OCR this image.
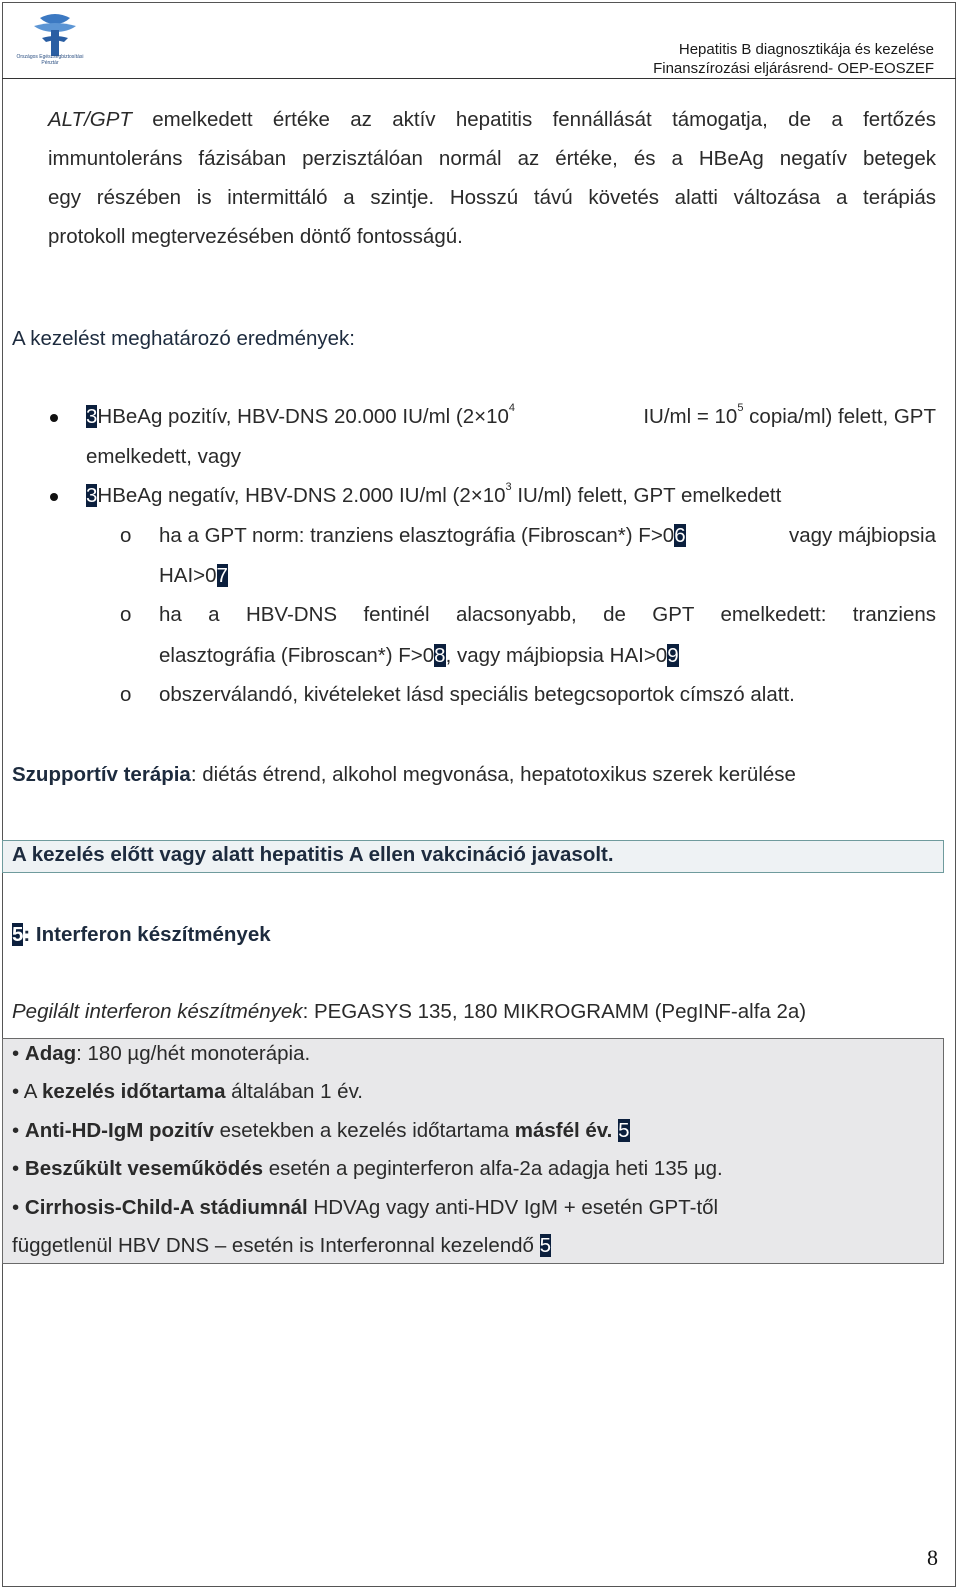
Országos Egészségbiztosítási Pénztár
Hepatitis B diagnosztikája és kezelése
Finanszírozási eljárásrend- OEP-EOSZEF
ALT/GPT emelkedett értéke az aktív hepatitis fennállását támogatja, de a fertőzés
immuntoleráns fázisában perzisztálóan normál az értéke, és a HBeAg negatív betegek
egy részében is intermittáló a szintje. Hosszú távú követés alatti változása a terápiás
protokoll megtervezésében döntő fontosságú.
A kezelést meghatározó eredmények:
3HBeAg pozitív, HBV-DNS 20.000 IU/ml ($2\times 10^4$	$IU/ml = 10^5$ copia/ml) felett, GPT
emelkedett, vagy
3HBeAg negatív, HBV-DNS 2.000 IU/ml ($2\times 10^3$ IU/ml) felett, GPT emelkedett
o ha a GPT norm: tranziens elasztográfia (Fibroscan*) F>06	vagy májbiopsia
HAI>07
o ha a HBV-DNS fentinél alacsonyabb, de GPT emelkedett: tranziens
elasztográfia (Fibroscan*) F>08, vagy májbiopsia HAI>09
o obszerválandó, kivételeket lásd speciális betegcsoportok címszó alatt.
Szupportív terápia: diétás étrend, alkohol megvonása, hepatotoxikus szerek kerülése
A kezelés előtt vagy alatt hepatitis A ellen vakcináció javasolt.
5: Interferon készítmények
Pegilált interferon készítmények: PEGASYS 135, 180 MIKROGRAMM (PegINF-alfa 2a)
• Adag: 180 µg/hét monoterápia.
• A kezelés időtartama általában 1 év.
• Anti-HD-IgM pozitív esetekben a kezelés időtartama másfél év. 5
• Beszűkült veseműködés esetén a peginterferon alfa-2a adagja heti 135 µg.
• Cirrhosis-Child-A stádiumnál HDVAg vagy anti-HDV IgM + esetén GPT-től
függetlenül HBV DNS – esetén is Interferonnal kezelendő 5
8
